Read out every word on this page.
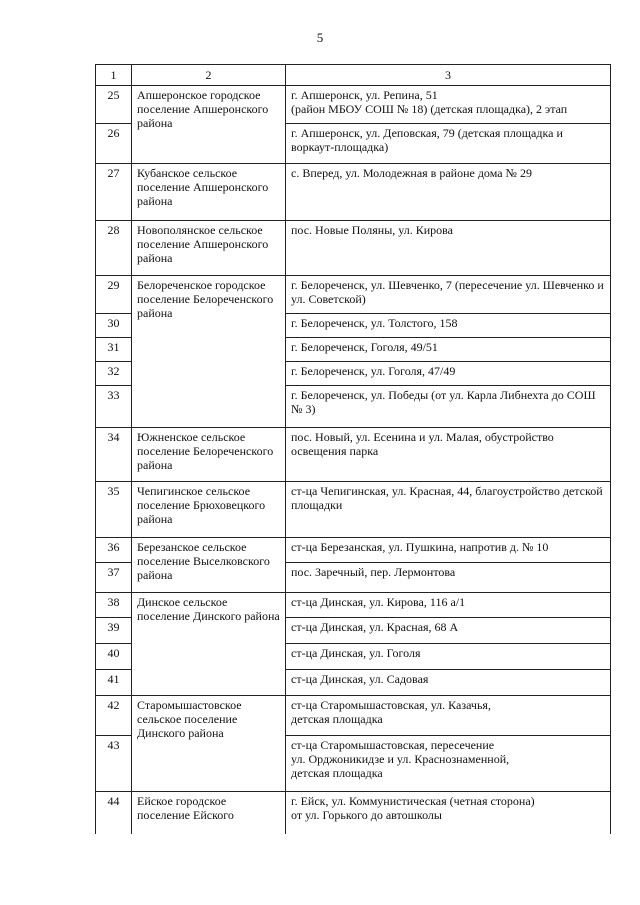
5
1	2	3
25	Апшеронское городское поселение Апшеронского района	г. Апшеронск, ул. Репина, 51
(район МБОУ СОШ № 18) (детская площадка), 2 этап
26		г. Апшеронск, ул. Деповская, 79 (детская площадка и воркаут-площадка)
27	Кубанское сельское поселение Апшеронского района	с. Вперед, ул. Молодежная в районе дома № 29
28	Новополянское сельское поселение Апшеронского района	пос. Новые Поляны, ул. Кирова
29	Белореченское городское поселение Белореченского района	г. Белореченск, ул. Шевченко, 7 (пересечение ул. Шевченко и ул. Советской)
30		г. Белореченск, ул. Толстого, 158
31		г. Белореченск, Гоголя, 49/51
32		г. Белореченск, ул. Гоголя, 47/49
33		г. Белореченск, ул. Победы (от ул. Карла Либнехта до СОШ № 3)
34	Южненское сельское поселение Белореченского района	пос. Новый, ул. Есенина и ул. Малая, обустройство освещения парка
35	Чепигинское сельское поселение Брюховецкого района	ст-ца Чепигинская, ул. Красная, 44, благоустройство детской площадки
36	Березанское сельское поселение Выселковского района	ст-ца Березанская, ул. Пушкина, напротив д. № 10
37		пос. Заречный, пер. Лермонтова
38	Динское сельское поселение Динского района	ст-ца Динская, ул. Кирова, 116 а/1
39		ст-ца Динская, ул. Красная, 68 А
40		ст-ца Динская, ул. Гоголя
41		ст-ца Динская, ул. Садовая
42	Старомышастовское сельское поселение Динского района	ст-ца Старомышастовская, ул. Казачья,
детская площадка
43		ст-ца Старомышастовская, пересечение
ул. Орджоникидзе и ул. Краснознаменной,
детская площадка
44	Ейское городское поселение Ейского	г. Ейск, ул. Коммунистическая (четная сторона)
от ул. Горького до автошколы
